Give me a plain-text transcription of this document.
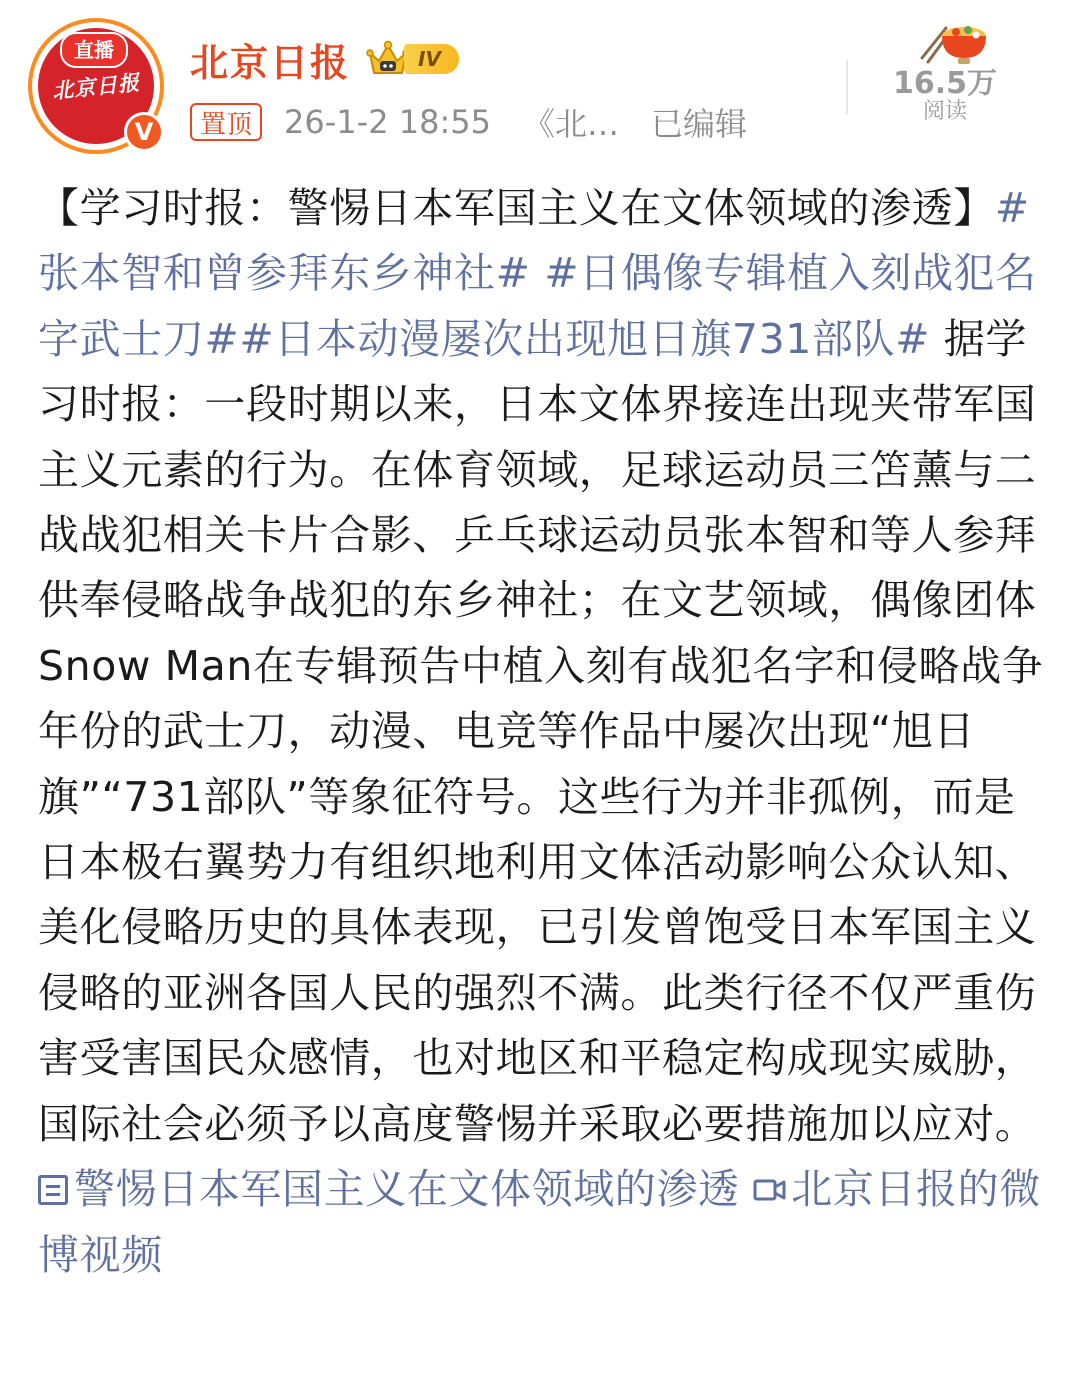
北京日报
直播
V
北京日报	IV
置顶	26-1-2 18:55 《北… 已编辑
16.5万
阅读
【学习时报：警惕日本军国主义在文体领域的渗透】#张本智和曾参拜东乡神社# #日偶像专辑植入刻战犯名字武士刀##日本动漫屡次出现旭日旗731部队# 据学习时报：一段时期以来，日本文体界接连出现夹带军国主义元素的行为。在体育领域，足球运动员三笘薰与二战战犯相关卡片合影、乒乓球运动员张本智和等人参拜供奉侵略战争战犯的东乡神社；在文艺领域，偶像团体Snow Man在专辑预告中植入刻有战犯名字和侵略战争年份的武士刀，动漫、电竞等作品中屡次出现“旭日旗”“731部队”等象征符号。这些行为并非孤例，而是日本极右翼势力有组织地利用文体活动影响公众认知、美化侵略历史的具体表现，已引发曾饱受日本军国主义侵略的亚洲各国人民的强烈不满。此类行径不仅严重伤害受害国民众感情，也对地区和平稳定构成现实威胁，国际社会必须予以高度警惕并采取必要措施加以应对。警惕日本军国主义在文体领域的渗透 北京日报的微博视频
